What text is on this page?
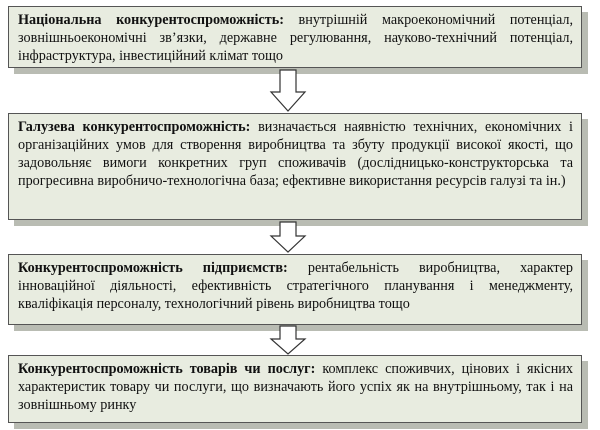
Національна конкурентоспроможність: внутрішній макроекономічний потенціал, зовнішньоекономічні зв’язки, державне регулювання, науково-технічний потенціал, інфраструктура, інвестиційний клімат тощо
Галузева конкурентоспроможність: визначається наявністю технічних, економічних і організаційних умов для створення виробництва та збуту продукції високої якості, що задовольняє вимоги конкретних груп споживачів (дослідницько-конструкторська та прогресивна виробничо-технологічна база; ефективне використання ресурсів галузі та ін.)
Конкурентоспроможність підприємств: рентабельність виробництва, характер інноваційної діяльності, ефективність стратегічного планування і менеджменту, кваліфікація персоналу, технологічний рівень виробництва тощо
Конкурентоспроможність товарів чи послуг: комплекс споживчих, цінових і якісних характеристик товару чи послуги, що визначають його успіх як на внутрішньому, так і на зовнішньому ринку
